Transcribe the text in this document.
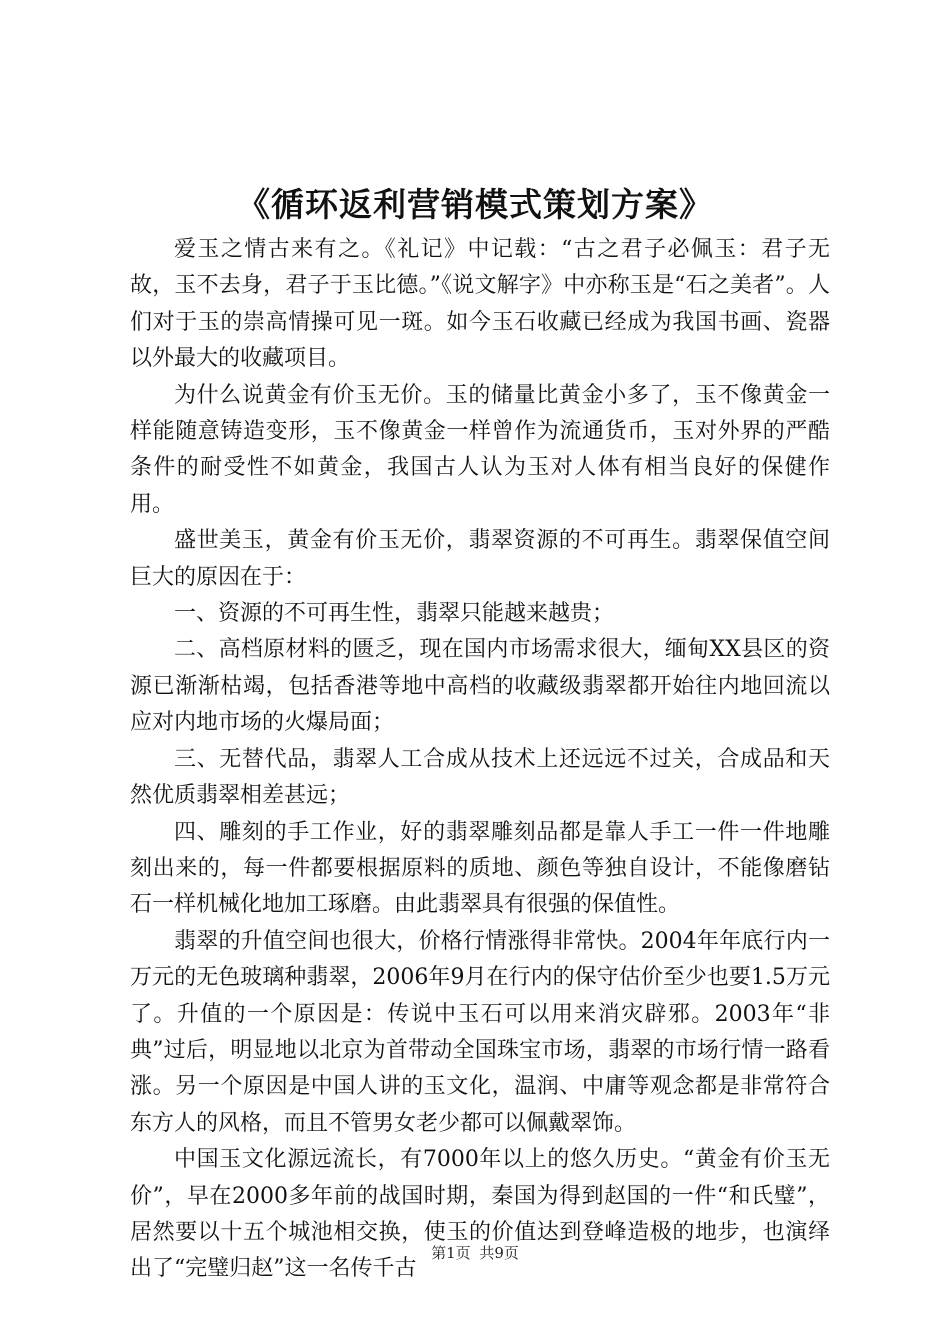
《循环返利营销模式策划方案》

爱玉之情古来有之。《礼记》中记载：“古之君子必佩玉：君子无故，玉不去身，君子于玉比德。”《说文解字》中亦称玉是“石之美者”。人们对于玉的崇高情操可见一斑。如今玉石收藏已经成为我国书画、瓷器以外最大的收藏项目。

为什么说黄金有价玉无价。玉的储量比黄金小多了，玉不像黄金一样能随意铸造变形，玉不像黄金一样曾作为流通货币，玉对外界的严酷条件的耐受性不如黄金，我国古人认为玉对人体有相当良好的保健作用。

盛世美玉，黄金有价玉无价，翡翠资源的不可再生。翡翠保值空间巨大的原因在于：

一、资源的不可再生性，翡翠只能越来越贵；

二、高档原材料的匮乏，现在国内市场需求很大，缅甸XX县区的资源已渐渐枯竭，包括香港等地中高档的收藏级翡翠都开始往内地回流以应对内地市场的火爆局面；

三、无替代品，翡翠人工合成从技术上还远远不过关，合成品和天然优质翡翠相差甚远；

四、雕刻的手工作业，好的翡翠雕刻品都是靠人手工一件一件地雕刻出来的，每一件都要根据原料的质地、颜色等独自设计，不能像磨钻石一样机械化地加工琢磨。由此翡翠具有很强的保值性。

翡翠的升值空间也很大，价格行情涨得非常快。2004年年底行内一万元的无色玻璃种翡翠，2006年9月在行内的保守估价至少也要1.5万元了。升值的一个原因是：传说中玉石可以用来消灾辟邪。2003年“非典”过后，明显地以北京为首带动全国珠宝市场，翡翠的市场行情一路看涨。另一个原因是中国人讲的玉文化，温润、中庸等观念都是非常符合东方人的风格，而且不管男女老少都可以佩戴翠饰。

中国玉文化源远流长，有7000年以上的悠久历史。“黄金有价玉无价”，早在2000多年前的战国时期，秦国为得到赵国的一件“和氏璧”，居然要以十五个城池相交换，使玉的价值达到登峰造极的地步，也演绎出了“完璧归赵”这一名传千古

第1页 共9页
